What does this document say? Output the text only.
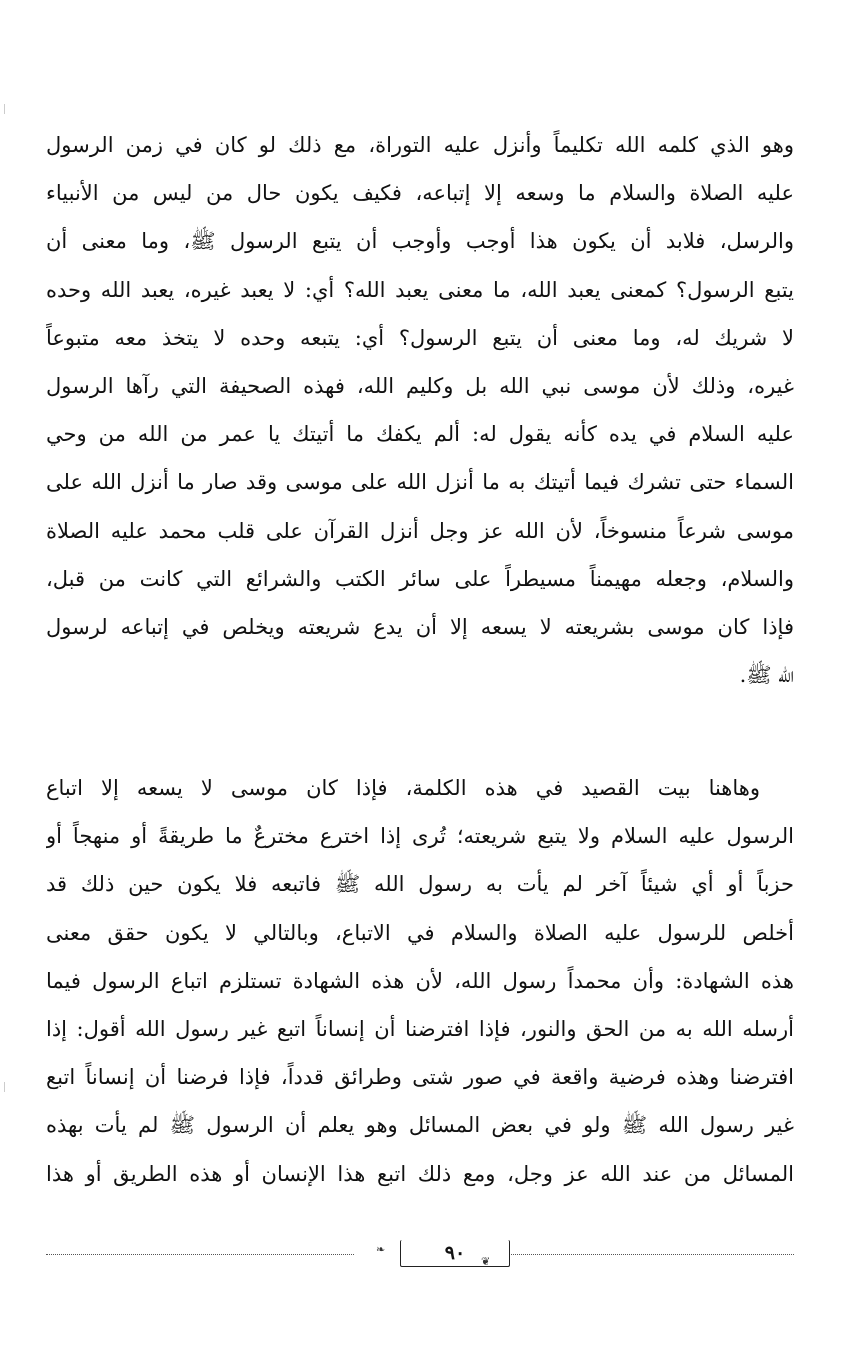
وهو الذي كلمه الله تكليماً وأنزل عليه التوراة، مع ذلك لو كان في زمن الرسول
عليه الصلاة والسلام ما وسعه إلا إتباعه، فكيف يكون حال من ليس من الأنبياء
والرسل، فلابد أن يكون هذا أوجب وأوجب أن يتبع الرسول ﷺ، وما معنى أن
يتبع الرسول؟ كمعنى يعبد الله، ما معنى يعبد الله؟ أي: لا يعبد غيره، يعبد الله وحده
لا شريك له، وما معنى أن يتبع الرسول؟ أي: يتبعه وحده لا يتخذ معه متبوعاً
غيره، وذلك لأن موسى نبي الله بل وكليم الله، فهذه الصحيفة التي رآها الرسول
عليه السلام في يده كأنه يقول له: ألم يكفك ما أتيتك يا عمر من الله من وحي
السماء حتى تشرك فيما أتيتك به ما أنزل الله على موسى وقد صار ما أنزل الله على
موسى شرعاً منسوخاً، لأن الله عز وجل أنزل القرآن على قلب محمد عليه الصلاة
والسلام، وجعله مهيمناً مسيطراً على سائر الكتب والشرائع التي كانت من قبل،
فإذا كان موسى بشريعته لا يسعه إلا أن يدع شريعته ويخلص في إتباعه لرسول
الله ﷺ.
وهاهنا بيت القصيد في هذه الكلمة، فإذا كان موسى لا يسعه إلا اتباع
الرسول عليه السلام ولا يتبع شريعته؛ تُرى إذا اخترع مخترعٌ ما طريقةً أو منهجاً أو
حزباً أو أي شيئاً آخر لم يأت به رسول الله ﷺ فاتبعه فلا يكون حين ذلك قد
أخلص للرسول عليه الصلاة والسلام في الاتباع، وبالتالي لا يكون حقق معنى
هذه الشهادة: وأن محمداً رسول الله، لأن هذه الشهادة تستلزم اتباع الرسول فيما
أرسله الله به من الحق والنور، فإذا افترضنا أن إنساناً اتبع غير رسول الله أقول: إذا
افترضنا وهذه فرضية واقعة في صور شتى وطرائق قدداً، فإذا فرضنا أن إنساناً اتبع
غير رسول الله ﷺ ولو في بعض المسائل وهو يعلم أن الرسول ﷺ لم يأت بهذه
المسائل من عند الله عز وجل، ومع ذلك اتبع هذا الإنسان أو هذه الطريق أو هذا
❧	٩٠	❦
